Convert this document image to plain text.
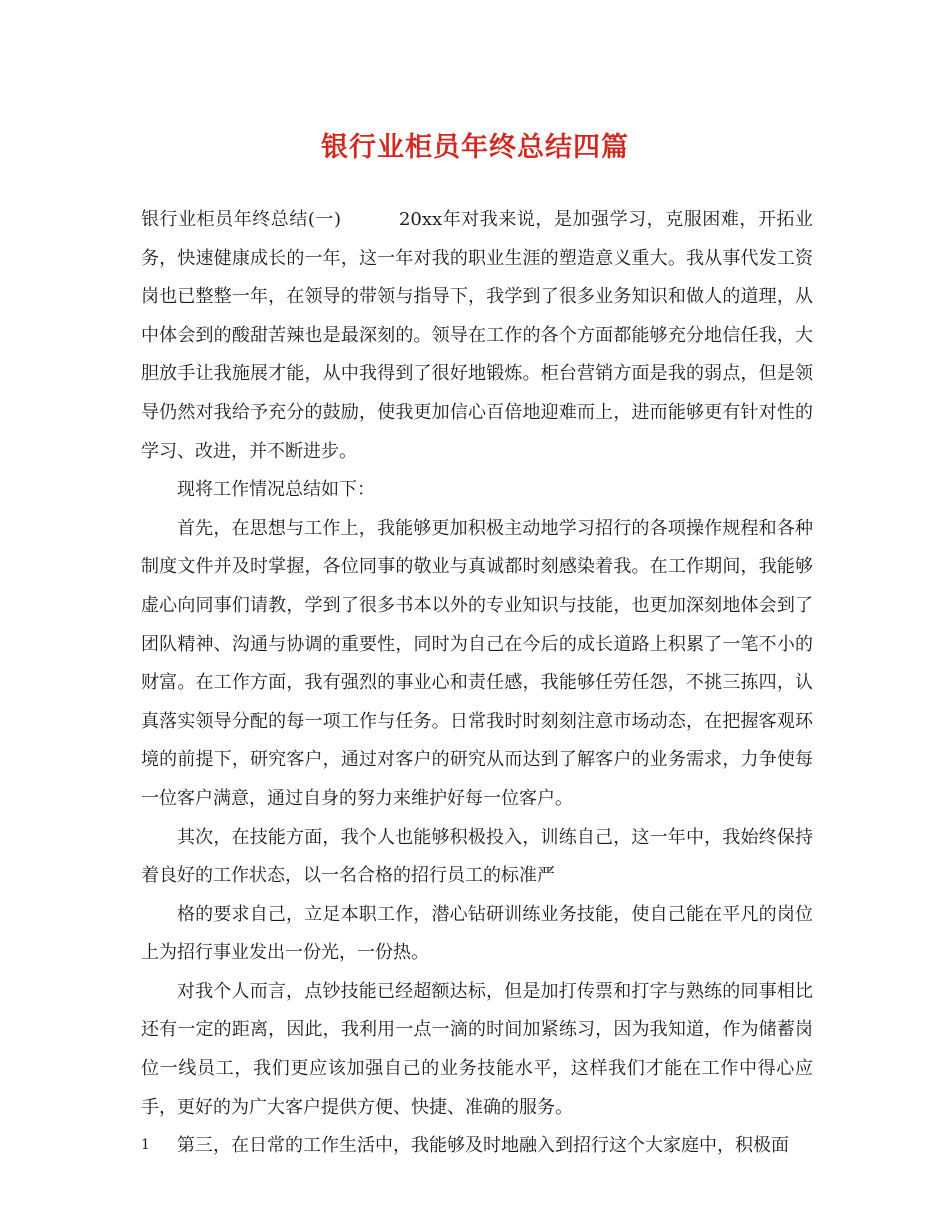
银行业柜员年终总结四篇

银行业柜员年终总结(一)	20xx年对我来说，是加强学习，克服困难，开拓业务，快速健康成长的一年，这一年对我的职业生涯的塑造意义重大。我从事代发工资岗也已整整一年，在领导的带领与指导下，我学到了很多业务知识和做人的道理，从中体会到的酸甜苦辣也是最深刻的。领导在工作的各个方面都能够充分地信任我，大胆放手让我施展才能，从中我得到了很好地锻炼。柜台营销方面是我的弱点，但是领导仍然对我给予充分的鼓励，使我更加信心百倍地迎难而上，进而能够更有针对性的学习、改进，并不断进步。

现将工作情况总结如下：

首先，在思想与工作上，我能够更加积极主动地学习招行的各项操作规程和各种制度文件并及时掌握，各位同事的敬业与真诚都时刻感染着我。在工作期间，我能够虚心向同事们请教，学到了很多书本以外的专业知识与技能，也更加深刻地体会到了团队精神、沟通与协调的重要性，同时为自己在今后的成长道路上积累了一笔不小的财富。在工作方面，我有强烈的事业心和责任感，我能够任劳任怨，不挑三拣四，认真落实领导分配的每一项工作与任务。日常我时时刻刻注意市场动态，在把握客观环境的前提下，研究客户，通过对客户的研究从而达到了解客户的业务需求，力争使每一位客户满意，通过自身的努力来维护好每一位客户。

其次，在技能方面，我个人也能够积极投入，训练自己，这一年中，我始终保持着良好的工作状态，以一名合格的招行员工的标准严

格的要求自己，立足本职工作，潜心钻研训练业务技能，使自己能在平凡的岗位上为招行事业发出一份光，一份热。

对我个人而言，点钞技能已经超额达标，但是加打传票和打字与熟练的同事相比还有一定的距离，因此，我利用一点一滴的时间加紧练习，因为我知道，作为储蓄岗位一线员工，我们更应该加强自己的业务技能水平，这样我们才能在工作中得心应手，更好的为广大客户提供方便、快捷、准确的服务。

第三，在日常的工作生活中，我能够及时地融入到招行这个大家庭中，积极面

1
